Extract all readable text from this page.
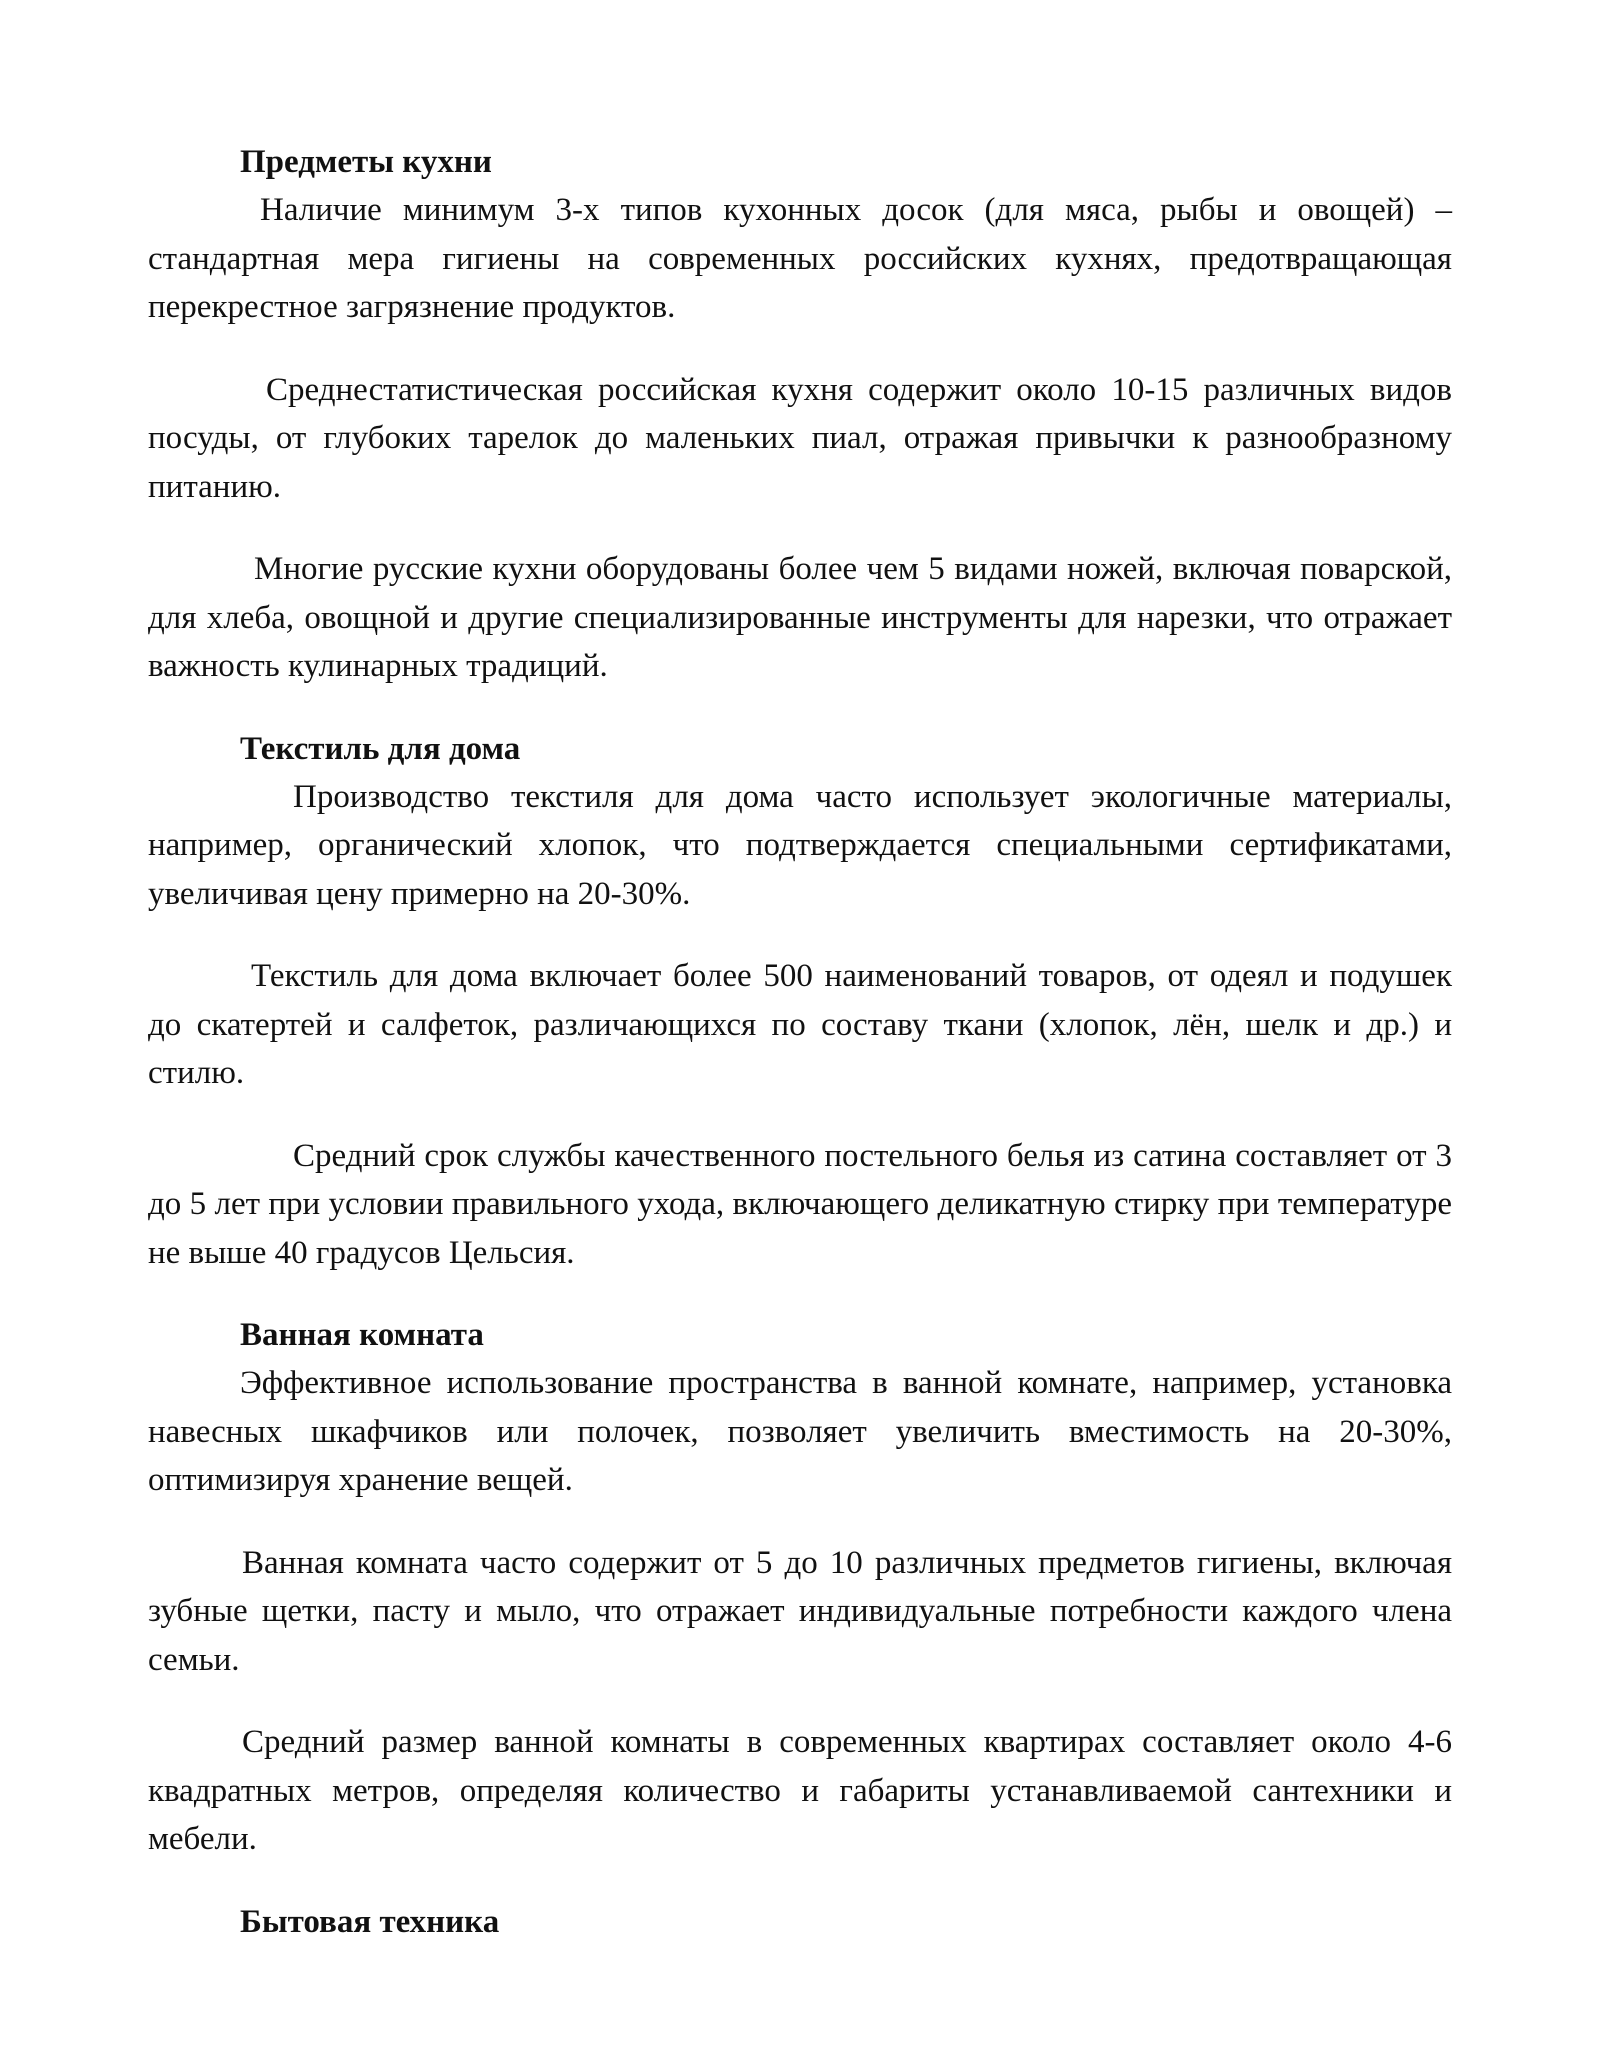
Предметы кухни

Наличие минимум 3-х типов кухонных досок (для мяса, рыбы и овощей) – стандартная мера гигиены на современных российских кухнях, предотвращающая перекрестное загрязнение продуктов.

Среднестатистическая российская кухня содержит около 10-15 различных видов посуды, от глубоких тарелок до маленьких пиал, отражая привычки к разнообразному питанию.

Многие русские кухни оборудованы более чем 5 видами ножей, включая поварской, для хлеба, овощной и другие специализированные инструменты для нарезки, что отражает важность кулинарных традиций.

Текстиль для дома

Производство текстиля для дома часто использует экологичные материалы, например, органический хлопок, что подтверждается специальными сертификатами, увеличивая цену примерно на 20-30%.

Текстиль для дома включает более 500 наименований товаров, от одеял и подушек до скатертей и салфеток, различающихся по составу ткани (хлопок, лён, шелк и др.) и стилю.

Средний срок службы качественного постельного белья из сатина составляет от 3 до 5 лет при условии правильного ухода, включающего деликатную стирку при температуре не выше 40 градусов Цельсия.

Ванная комната

Эффективное использование пространства в ванной комнате, например, установка навесных шкафчиков или полочек, позволяет увеличить вместимость на 20-30%, оптимизируя хранение вещей.

Ванная комната часто содержит от 5 до 10 различных предметов гигиены, включая зубные щетки, пасту и мыло, что отражает индивидуальные потребности каждого члена семьи.

Средний размер ванной комнаты в современных квартирах составляет около 4-6 квадратных метров, определяя количество и габариты устанавливаемой сантехники и мебели.

Бытовая техника
